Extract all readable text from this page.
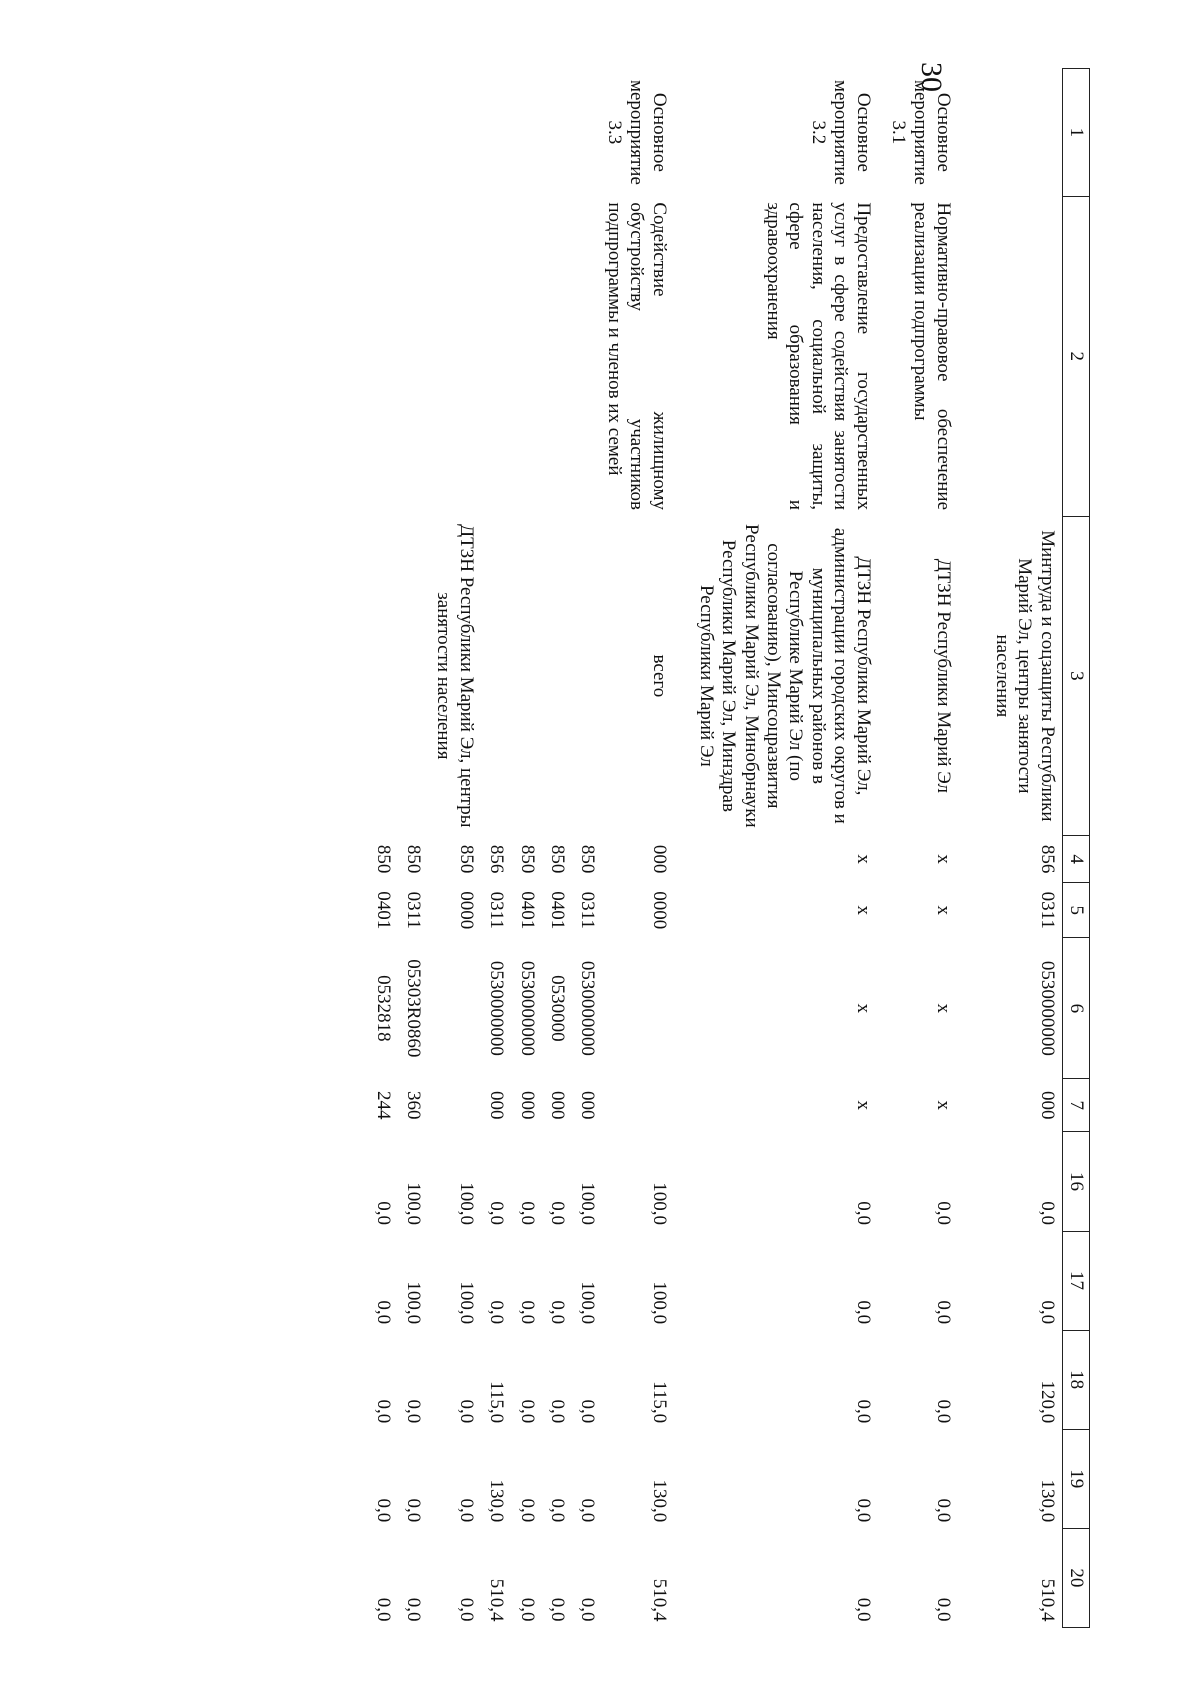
30
1	2	3	4	5	6	7	16	17	18	19	20
		Минтруда и соцзащиты Республики Марий Эл, центры занятости населения	856	0311	0530000000	000	0,0	0,0	120,0	130,0	510,4
Основное мероприятие 3.1	Нормативно-правовое обеспечение реализации подпрограммы	ДТЗН Республики Марий Эл	x	x	x	x	0,0	0,0	0,0	0,0	0,0
Основное мероприятие 3.2	Предоставление государственных услуг в сфере содействия занятости населения, социальной защиты, сфере образования и здравоохранения	ДТЗН Республики Марий Эл, администрации городских округов и муниципальных районов в Республике Марий Эл (по согласованию), Минсоцразвития Республики Марий Эл, Минобрнауки Республики Марий Эл, Минздрав Республики Марий Эл	x	x	x	x	0,0	0,0	0,0	0,0	0,0
Основное мероприятие 3.3	Содействие жилищному обустройству участников подпрограммы и членов их семей	всего	000	0000			100,0	100,0	115,0	130,0	510,4
			850	0311	0530000000	000	100,0	100,0	0,0	0,0	0,0
			850	0401	0530000	000	0,0	0,0	0,0	0,0	0,0
			850	0401	0530000000	000	0,0	0,0	0,0	0,0	0,0
			856	0311	0530000000	000	0,0	0,0	115,0	130,0	510,4
		ДТЗН Республики Марий Эл, центры занятости населения	850	0000			100,0	100,0	0,0	0,0	0,0
			850	0311	05303R0860	360	100,0	100,0	0,0	0,0	0,0
			850	0401	0532818	244	0,0	0,0	0,0	0,0	0,0
